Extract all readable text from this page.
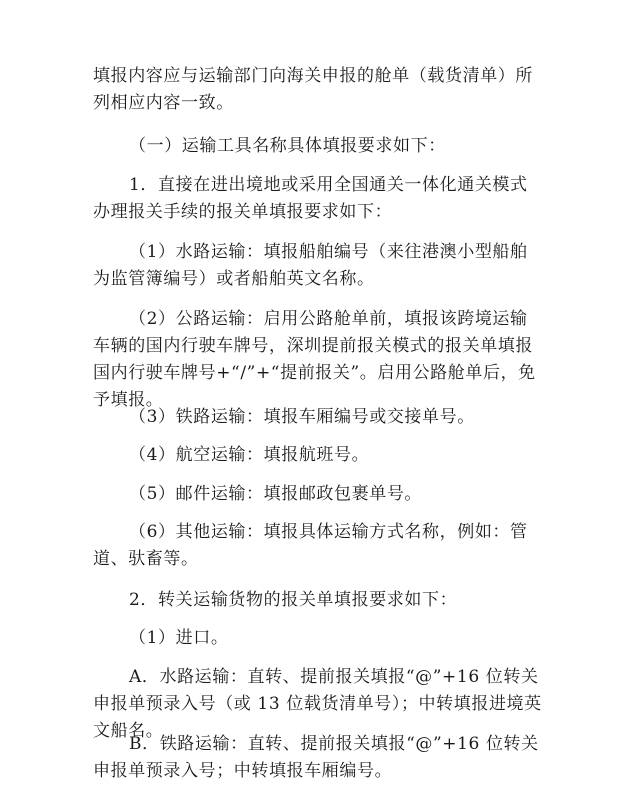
填报内容应与运输部门向海关申报的舱单（载货清单）所列相应内容一致。

（一）运输工具名称具体填报要求如下：

1．直接在进出境地或采用全国通关一体化通关模式办理报关手续的报关单填报要求如下：

（1）水路运输：填报船舶编号（来往港澳小型船舶为监管簿编号）或者船舶英文名称。

（2）公路运输：启用公路舱单前，填报该跨境运输车辆的国内行驶车牌号，深圳提前报关模式的报关单填报国内行驶车牌号+“/”+“提前报关”。启用公路舱单后，免予填报。

（3）铁路运输：填报车厢编号或交接单号。

（4）航空运输：填报航班号。

（5）邮件运输：填报邮政包裹单号。

（6）其他运输：填报具体运输方式名称，例如：管道、驮畜等。

2．转关运输货物的报关单填报要求如下：

（1）进口。

A．水路运输：直转、提前报关填报“@”+16 位转关申报单预录入号（或 13 位载货清单号）；中转填报进境英文船名。

B．铁路运输：直转、提前报关填报“@”+16 位转关申报单预录入号；中转填报车厢编号。
